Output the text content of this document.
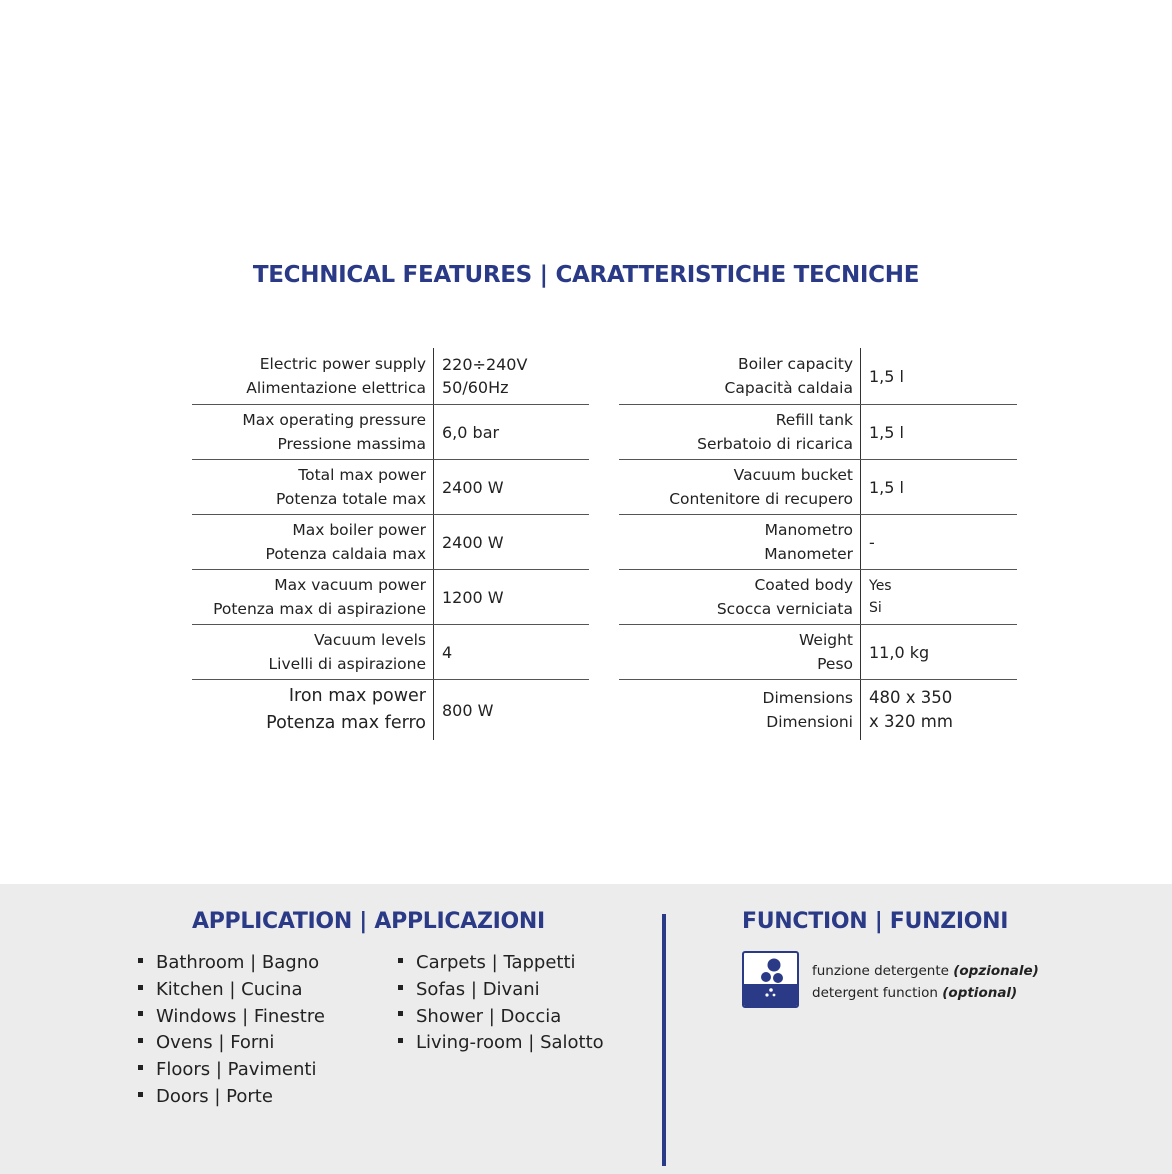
TECHNICAL FEATURES | CARATTERISTICHE TECNICHE
Electric power supply
Alimentazione elettrica
220÷240V
50/60Hz
Max operating pressure
Pressione massima
6,0 bar
Total max power
Potenza totale max
2400 W
Max boiler power
Potenza caldaia max
2400 W
Max vacuum power
Potenza max di aspirazione
1200 W
Vacuum levels
Livelli di aspirazione
4
Iron max power
Potenza max ferro
800 W
Boiler capacity
Capacità caldaia
1,5 l
Refill tank
Serbatoio di ricarica
1,5 l
Vacuum bucket
Contenitore di recupero
1,5 l
Manometro
Manometer
-
Coated body
Scocca verniciata
Yes
Si
Weight
Peso
11,0 kg
Dimensions
Dimensioni
480 x 350
x 320 mm
APPLICATION | APPLICAZIONI
Bathroom | Bagno
Kitchen | Cucina
Windows | Finestre
Ovens | Forni
Floors | Pavimenti
Doors | Porte
Carpets | Tappetti
Sofas | Divani
Shower | Doccia
Living-room | Salotto
FUNCTION | FUNZIONI
funzione detergente (opzionale)
detergent function (optional)
